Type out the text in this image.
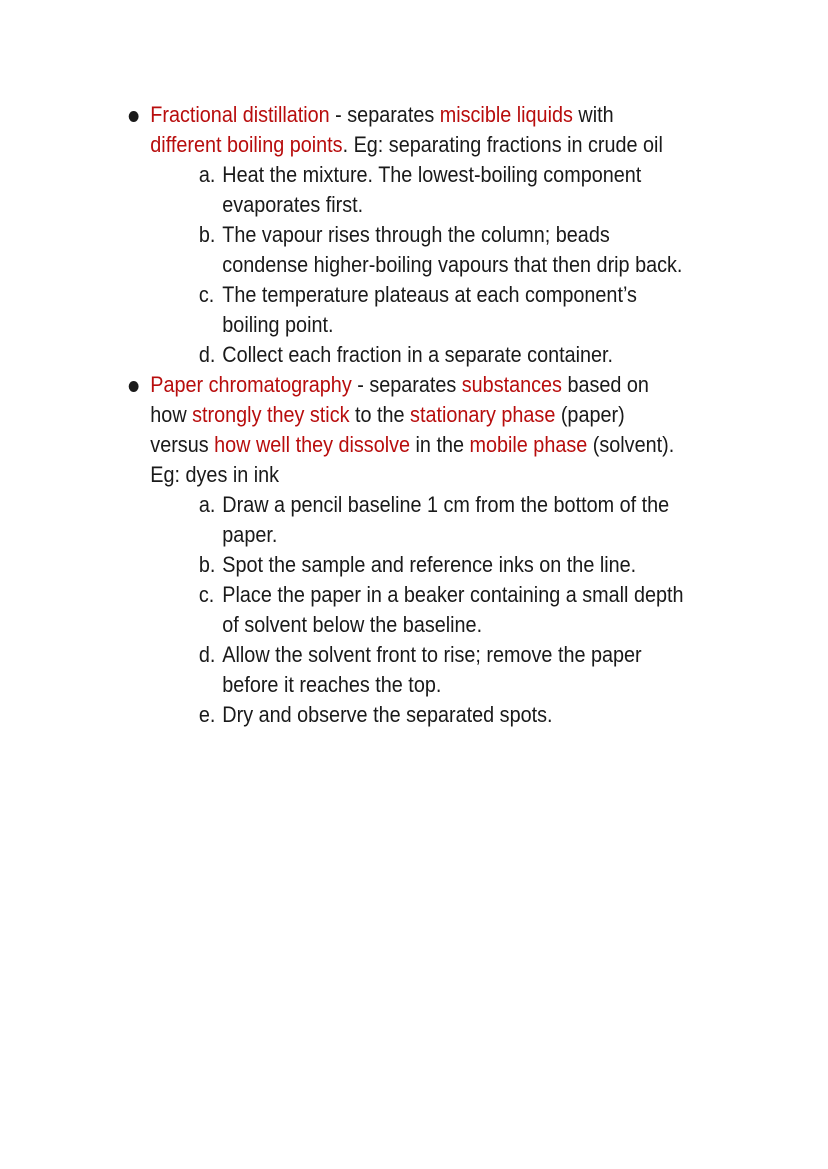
Fractional distillation - separates miscible liquids with different boiling points. Eg: separating fractions in crude oil
a. Heat the mixture. The lowest-boiling component evaporates first.
b. The vapour rises through the column; beads condense higher-boiling vapours that then drip back.
c. The temperature plateaus at each component’s boiling point.
d. Collect each fraction in a separate container.
Paper chromatography - separates substances based on how strongly they stick to the stationary phase (paper) versus how well they dissolve in the mobile phase (solvent). Eg: dyes in ink
a. Draw a pencil baseline 1 cm from the bottom of the paper.
b. Spot the sample and reference inks on the line.
c. Place the paper in a beaker containing a small depth of solvent below the baseline.
d. Allow the solvent front to rise; remove the paper before it reaches the top.
e. Dry and observe the separated spots.
